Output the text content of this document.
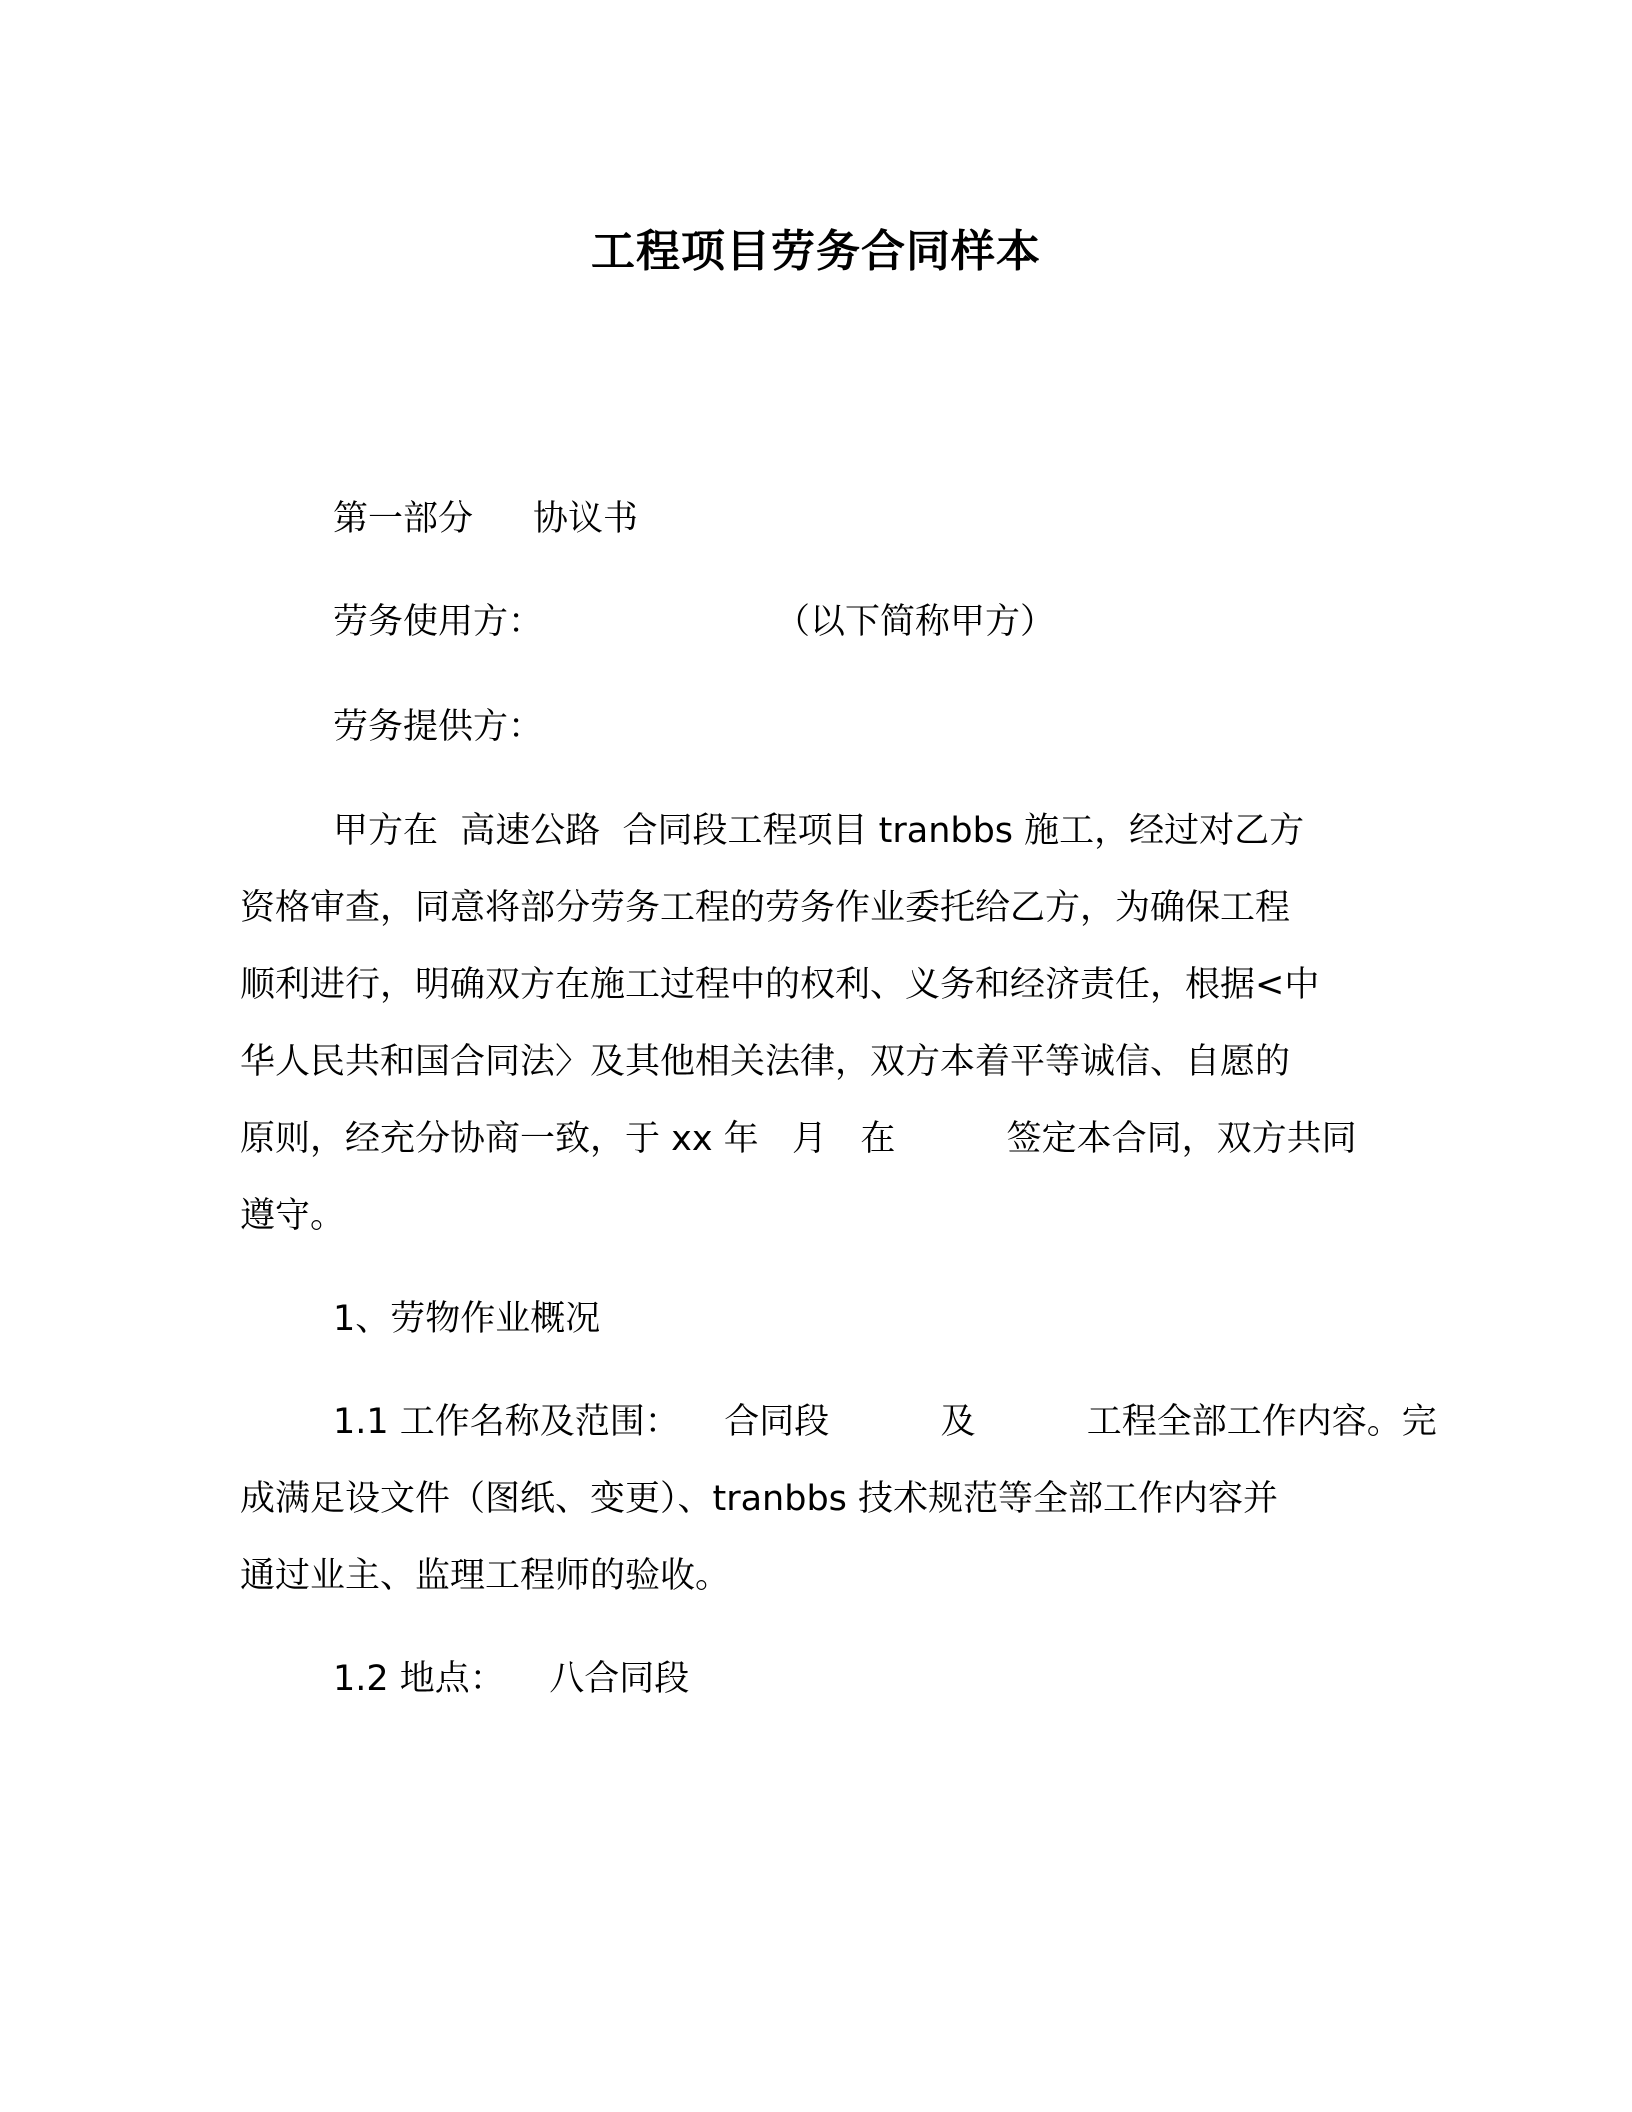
工程项目劳务合同样本
第一部分 协议书
劳务使用方：	（以下简称甲方）
劳务提供方：
甲方在  高速公路  合同段工程项目 tranbbs 施工，经过对乙方
资格审查，同意将部分劳务工程的劳务作业委托给乙方，为确保工程
顺利进行，明确双方在施工过程中的权利、义务和经济责任，根据<中
华人民共和国合同法〉及其他相关法律，双方本着平等诚信、自愿的
原则，经充分协商一致，于 xx 年   月   在          签定本合同，双方共同
遵守。
1、劳物作业概况
1.1 工作名称及范围：    合同段          及          工程全部工作内容。完
成满足设文件（图纸、变更）、tranbbs 技术规范等全部工作内容并
通过业主、监理工程师的验收。
1.2 地点：    八合同段
